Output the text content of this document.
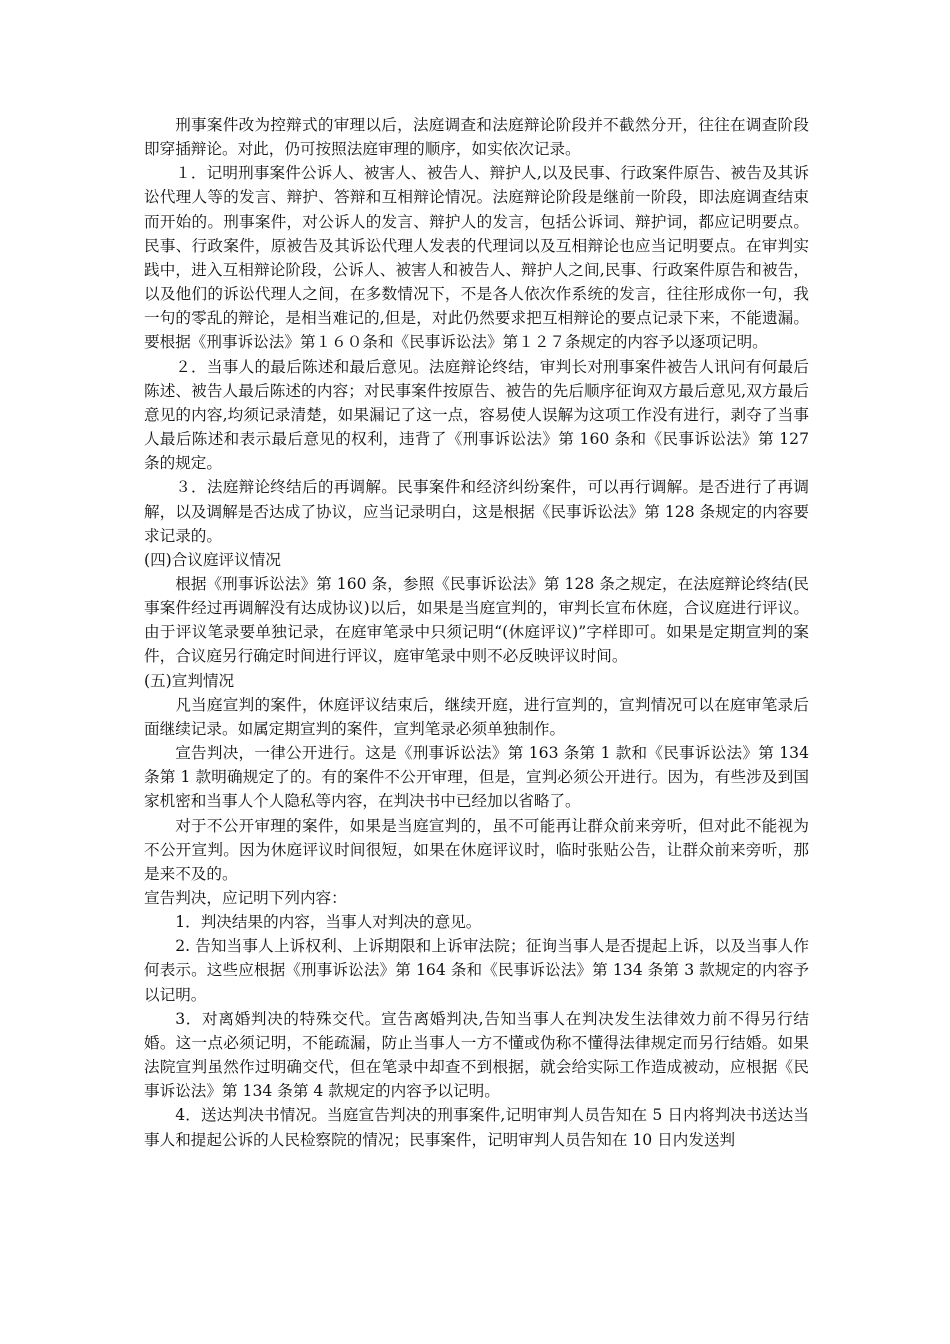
刑事案件改为控辩式的审理以后，法庭调查和法庭辩论阶段并不截然分开，往往在调查阶段即穿插辩论。对此，仍可按照法庭审理的顺序，如实依次记录。

１．记明刑事案件公诉人、被害人、被告人、辩护人,以及民事、行政案件原告、被告及其诉讼代理人等的发言、辩护、答辩和互相辩论情况。法庭辩论阶段是继前一阶段，即法庭调查结束而开始的。刑事案件，对公诉人的发言、辩护人的发言，包括公诉词、辩护词，都应记明要点。民事、行政案件，原被告及其诉讼代理人发表的代理词以及互相辩论也应当记明要点。在审判实践中，进入互相辩论阶段，公诉人、被害人和被告人、辩护人之间,民事、行政案件原告和被告，以及他们的诉讼代理人之间，在多数情况下，不是各人依次作系统的发言，往往形成你一句，我一句的零乱的辩论，是相当难记的,但是，对此仍然要求把互相辩论的要点记录下来，不能遗漏。要根据《刑事诉讼法》第１６０条和《民事诉讼法》第１２７条规定的内容予以逐项记明。

２．当事人的最后陈述和最后意见。法庭辩论终结，审判长对刑事案件被告人讯问有何最后陈述、被告人最后陈述的内容；对民事案件按原告、被告的先后顺序征询双方最后意见,双方最后意见的内容,均须记录清楚，如果漏记了这一点，容易使人误解为这项工作没有进行，剥夺了当事人最后陈述和表示最后意见的权利，违背了《刑事诉讼法》第 160 条和《民事诉讼法》第 127 条的规定。

３．法庭辩论终结后的再调解。民事案件和经济纠纷案件，可以再行调解。是否进行了再调解，以及调解是否达成了协议，应当记录明白，这是根据《民事诉讼法》第 128 条规定的内容要求记录的。

(四)合议庭评议情况

根据《刑事诉讼法》第 160 条，参照《民事诉讼法》第 128 条之规定，在法庭辩论终结(民事案件经过再调解没有达成协议)以后，如果是当庭宣判的，审判长宣布休庭，合议庭进行评议。由于评议笔录要单独记录，在庭审笔录中只须记明“(休庭评议)”字样即可。如果是定期宣判的案件，合议庭另行确定时间进行评议，庭审笔录中则不必反映评议时间。

(五)宣判情况

凡当庭宣判的案件，休庭评议结束后，继续开庭，进行宣判的，宣判情况可以在庭审笔录后面继续记录。如属定期宣判的案件，宣判笔录必须单独制作。

宣告判决，一律公开进行。这是《刑事诉讼法》第 163 条第 1 款和《民事诉讼法》第 134 条第 1 款明确规定了的。有的案件不公开审理，但是，宣判必须公开进行。因为，有些涉及到国家机密和当事人个人隐私等内容，在判决书中已经加以省略了。

对于不公开审理的案件，如果是当庭宣判的，虽不可能再让群众前来旁听，但对此不能视为不公开宣判。因为休庭评议时间很短，如果在休庭评议时，临时张贴公告，让群众前来旁听，那是来不及的。

宣告判决，应记明下列内容：

1．判决结果的内容，当事人对判决的意见。

2. 告知当事人上诉权利、上诉期限和上诉审法院；征询当事人是否提起上诉，以及当事人作何表示。这些应根据《刑事诉讼法》第 164 条和《民事诉讼法》第 134 条第 3 款规定的内容予以记明。

3．对离婚判决的特殊交代。宣告离婚判决,告知当事人在判决发生法律效力前不得另行结婚。这一点必须记明，不能疏漏，防止当事人一方不懂或伪称不懂得法律规定而另行结婚。如果法院宣判虽然作过明确交代，但在笔录中却查不到根据，就会给实际工作造成被动，应根据《民事诉讼法》第 134 条第 4 款规定的内容予以记明。

4．送达判决书情况。当庭宣告判决的刑事案件,记明审判人员告知在 5 日内将判决书送达当事人和提起公诉的人民检察院的情况；民事案件，记明审判人员告知在 10 日内发送判
